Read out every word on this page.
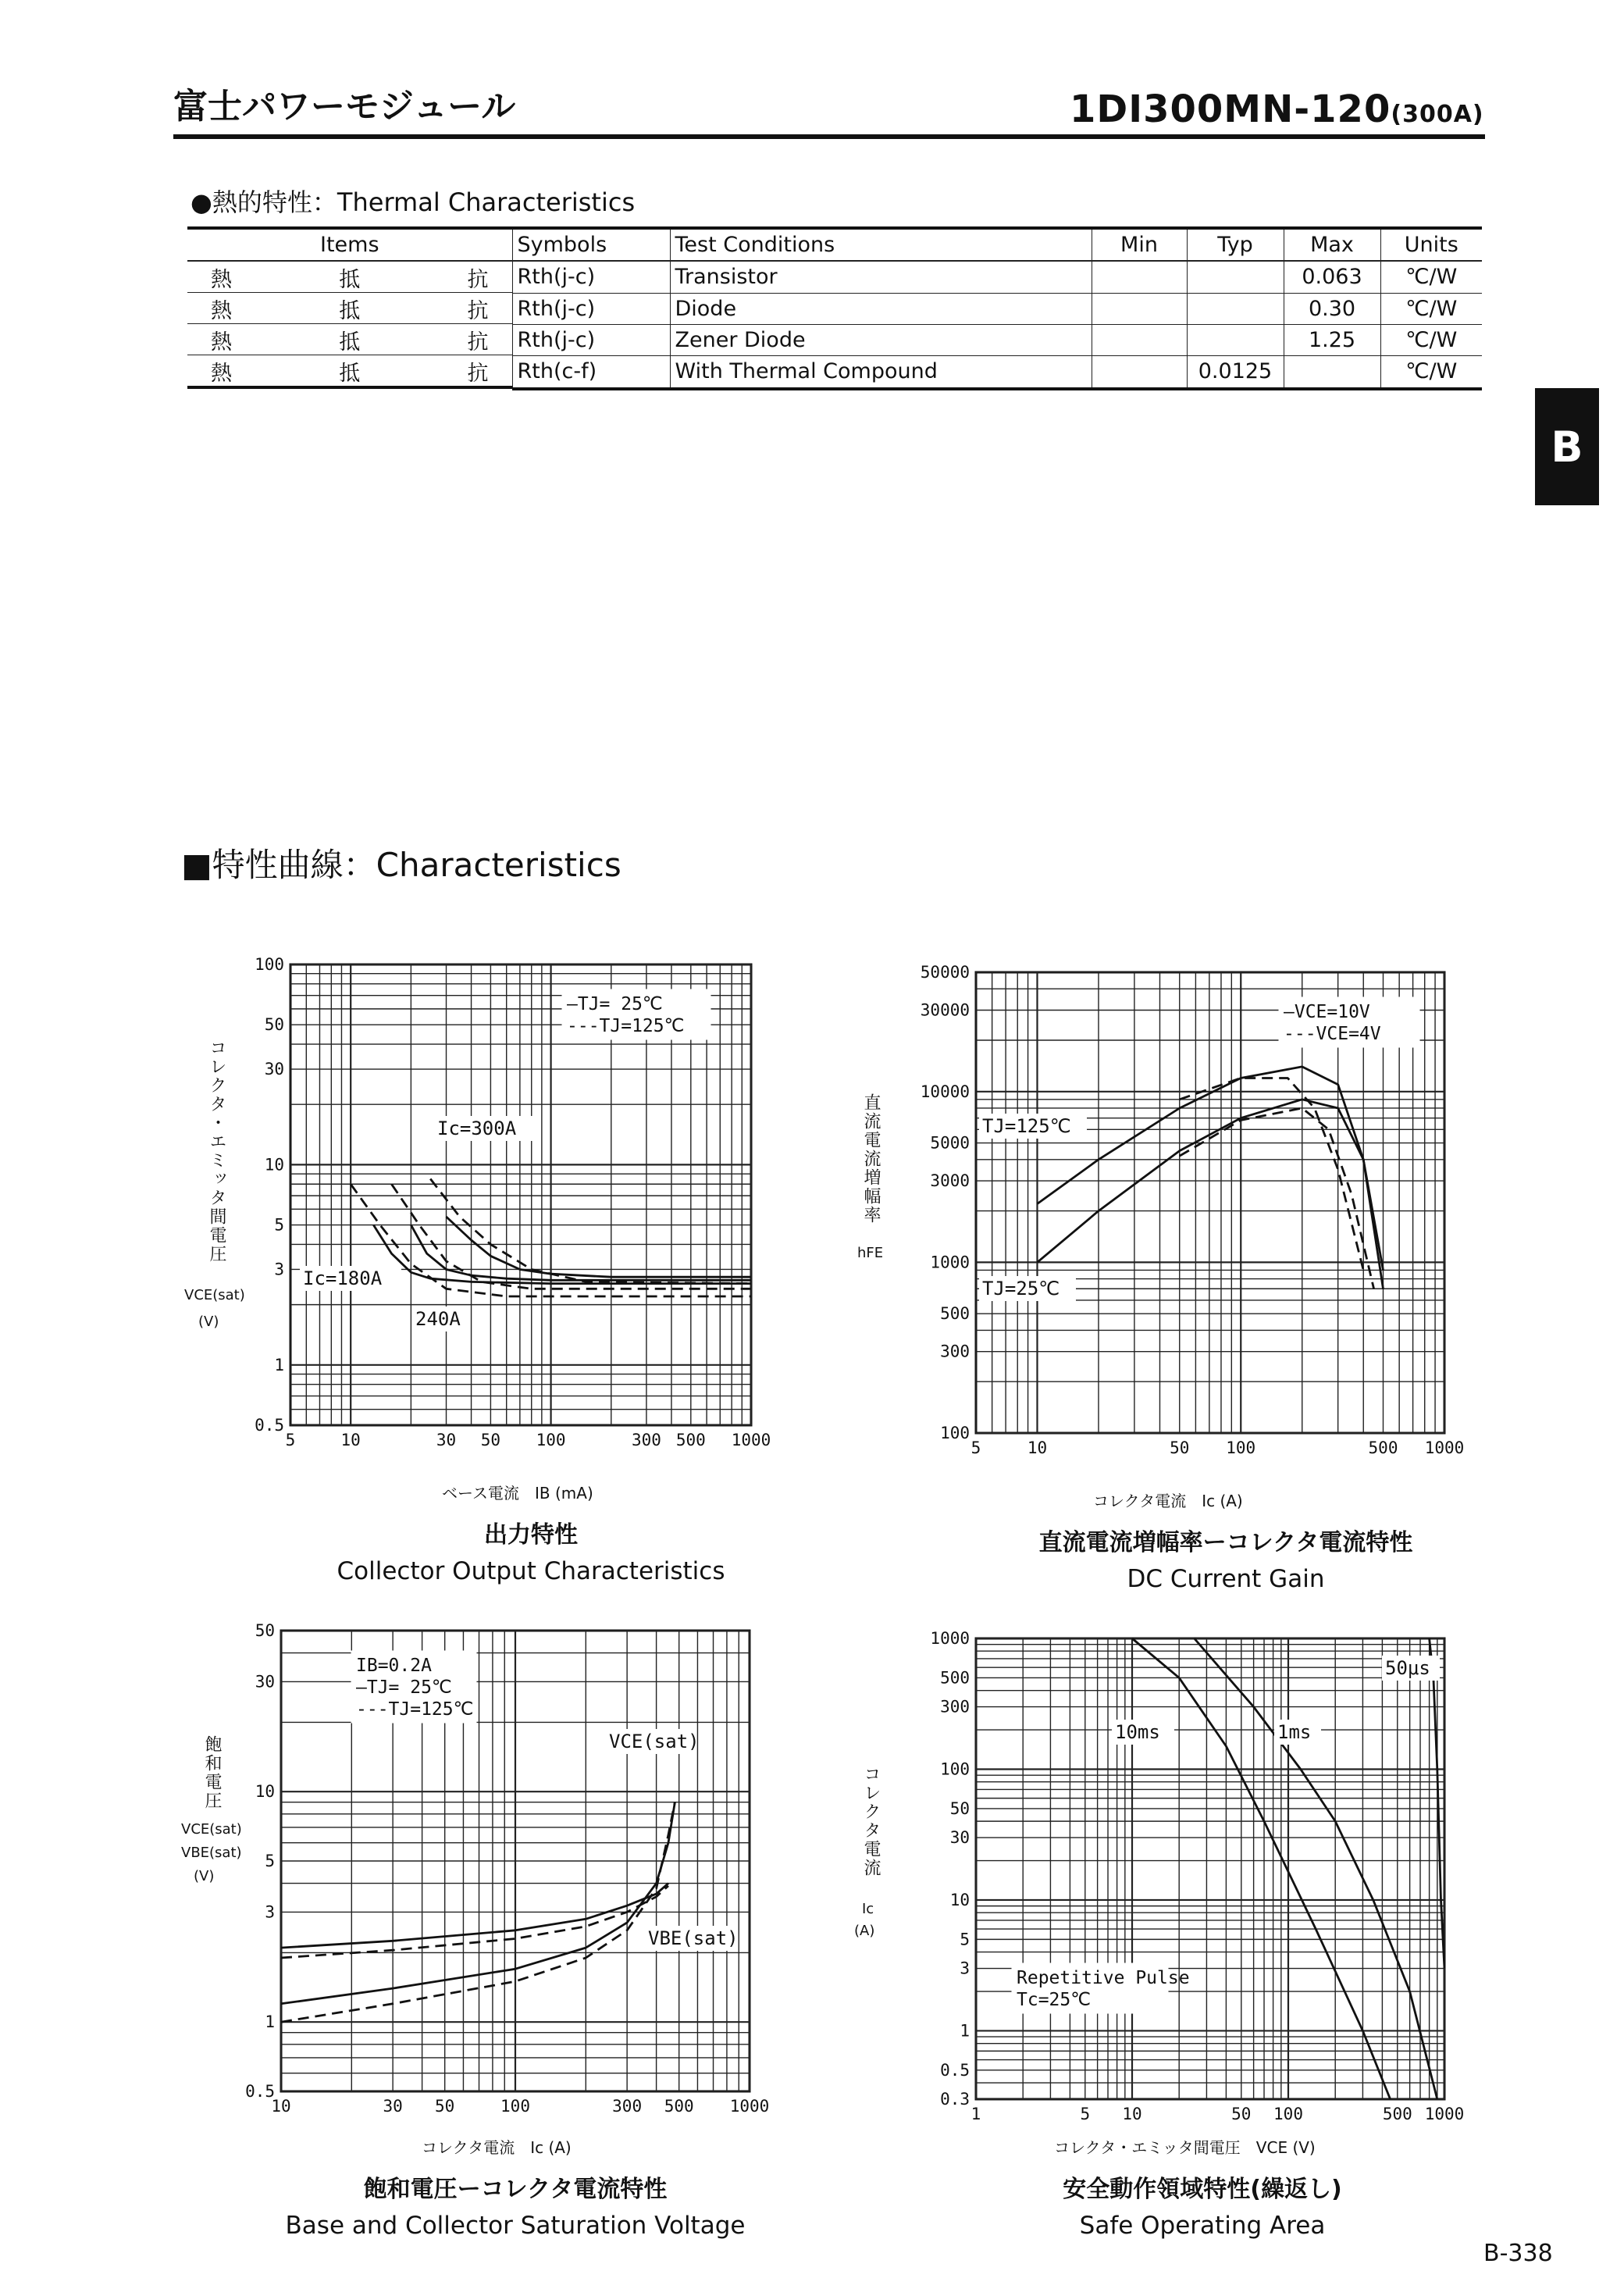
富士パワーモジュール	1DI300MN-120(300A)
B
●熱的特性：Thermal Characteristics
Items	Symbols	Test Conditions	Min	Typ	Max	Units

熱	抵	抗 Rth(j-c)	Transistor			0.063	℃/W

熱	抵	抗 Rth(j-c)	Diode			0.30	℃/W

熱	抵	抗 Rth(j-c)	Zener Diode			1.25	℃/W

熱	抵	抗 Rth(c-f)	With Thermal Compound		0.0125		℃/W
■特性曲線：Characteristics
コレクタ・エミッタ間電圧
VCE(sat)
(V)
5	10	30 50 100	300 500 1000
0.5
1
3
5
10
30
50
100
—TJ= 25℃
---TJ=125℃
Ic=300A
Ic=180A
240A
ベース電流　IB (mA)
出力特性
Collector Output Characteristics
直流電流増幅率
hFE
5	10	50 100	500 1000
100
300
500
1000
3000
5000
10000
30000
50000
—VCE=10V
---VCE=4V
TJ=125℃
TJ=25℃
コレクタ電流　Ic (A)
直流電流増幅率ーコレクタ電流特性
DC Current Gain
飽和電圧
VCE(sat)
VBE(sat)
(V)
10	30 50	100	300 500 1000
0.5
1
3
5
10
30
50
IB=0.2A
—TJ= 25℃
---TJ=125℃
VCE(sat)
VBE(sat)
コレクタ電流　Ic (A)
飽和電圧ーコレクタ電流特性
Base and Collector Saturation Voltage
コレクタ電流
Ic
(A)
1	5 10	50 100	500 1000
0.3
0.5
1
3
5
10
30
50
100
300
500
1000
Repetitive Pulse
Tc=25℃
50μs
10ms	1ms
コレクタ・エミッタ間電圧　VCE (V)
安全動作領域特性(繰返し)
Safe Operating Area
B-338
